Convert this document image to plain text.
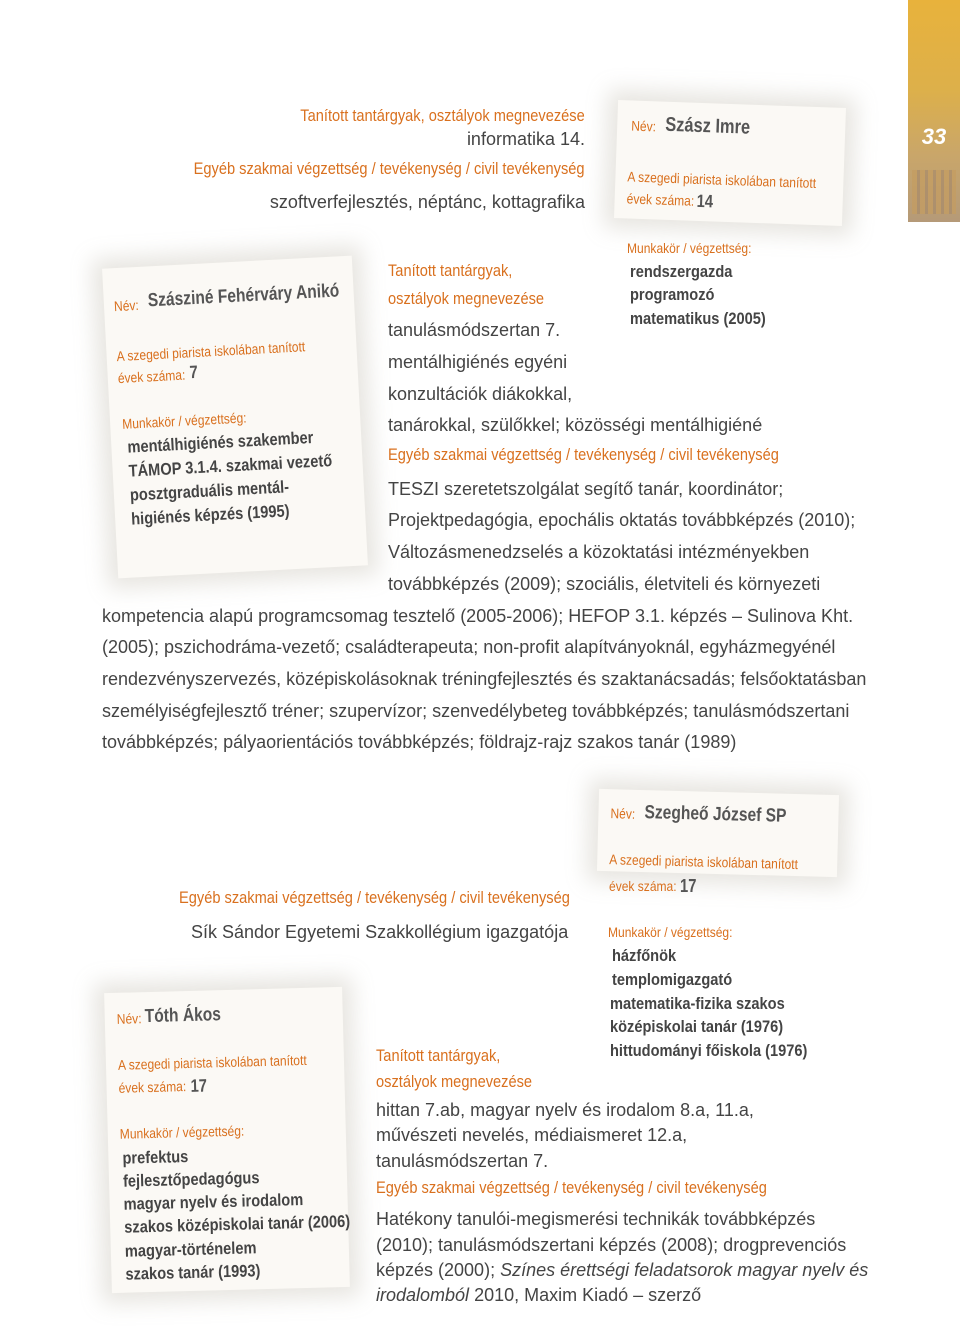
33
Tanított tantárgyak, osztályok megnevezése
informatika 14.
Egyéb szakmai végzettség / tevékenység / civil tevékenység
szoftverfejlesztés, néptánc, kottagrafika
Név: Szász Imre
A szegedi piarista iskolában tanított
évek száma: 14
Munkakör / végzettség:
rendszergazda
programozó
matematikus (2005)
Név: Szásziné Fehérváry Anikó
A szegedi piarista iskolában tanított
évek száma: 7
Munkakör / végzettség:
mentálhigiénés szakember
TÁMOP 3.1.4. szakmai vezető
posztgraduális mentál-
higiénés képzés (1995)
Tanított tantárgyak,
osztályok megnevezése
tanulásmódszertan 7.
mentálhigiénés egyéni
konzultációk diákokkal,
tanárokkal, szülőkkel; közösségi mentálhigiéné
Egyéb szakmai végzettség / tevékenység / civil tevékenység
TESZI szeretetszolgálat segítő tanár, koordinátor;
Projektpedagógia, epochális oktatás továbbképzés (2010);
Változásmenedzselés a közoktatási intézményekben
továbbképzés (2009); szociális, életviteli és környezeti
kompetencia alapú programcsomag tesztelő (2005-2006); HEFOP 3.1. képzés – Sulinova Kht.
(2005); pszichodráma-vezető; családterapeuta; non-profit alapítványoknál, egyházmegyénél
rendezvényszervezés, középiskolásoknak tréningfejlesztés és szaktanácsadás; felsőoktatásban
személyiségfejlesztő tréner; szupervízor; szenvedélybeteg továbbképzés; tanulásmódszertani
továbbképzés; pályaorientációs továbbképzés; földrajz-rajz szakos tanár (1989)
Név: Szegheő József SP
A szegedi piarista iskolában tanított
évek száma: 17
Munkakör / végzettség:
házfőnök
templomigazgató
matematika-fizika szakos
középiskolai tanár (1976)
hittudományi főiskola (1976)
Egyéb szakmai végzettség / tevékenység / civil tevékenység
Sík Sándor Egyetemi Szakkollégium igazgatója
Név: Tóth Ákos
A szegedi piarista iskolában tanított
évek száma: 17
Munkakör / végzettség:
prefektus
fejlesztőpedagógus
magyar nyelv és irodalom
szakos középiskolai tanár (2006)
magyar-történelem
szakos tanár (1993)
Tanított tantárgyak,
osztályok megnevezése
hittan 7.ab, magyar nyelv és irodalom 8.a, 11.a,
művészeti nevelés, médiaismeret 12.a,
tanulásmódszertan 7.
Egyéb szakmai végzettség / tevékenység / civil tevékenység
Hatékony tanulói-megismerési technikák továbbképzés
(2010); tanulásmódszertani képzés (2008); drogprevenciós
képzés (2000); Színes érettségi feladatsorok magyar nyelv és
irodalomból 2010, Maxim Kiadó – szerző
